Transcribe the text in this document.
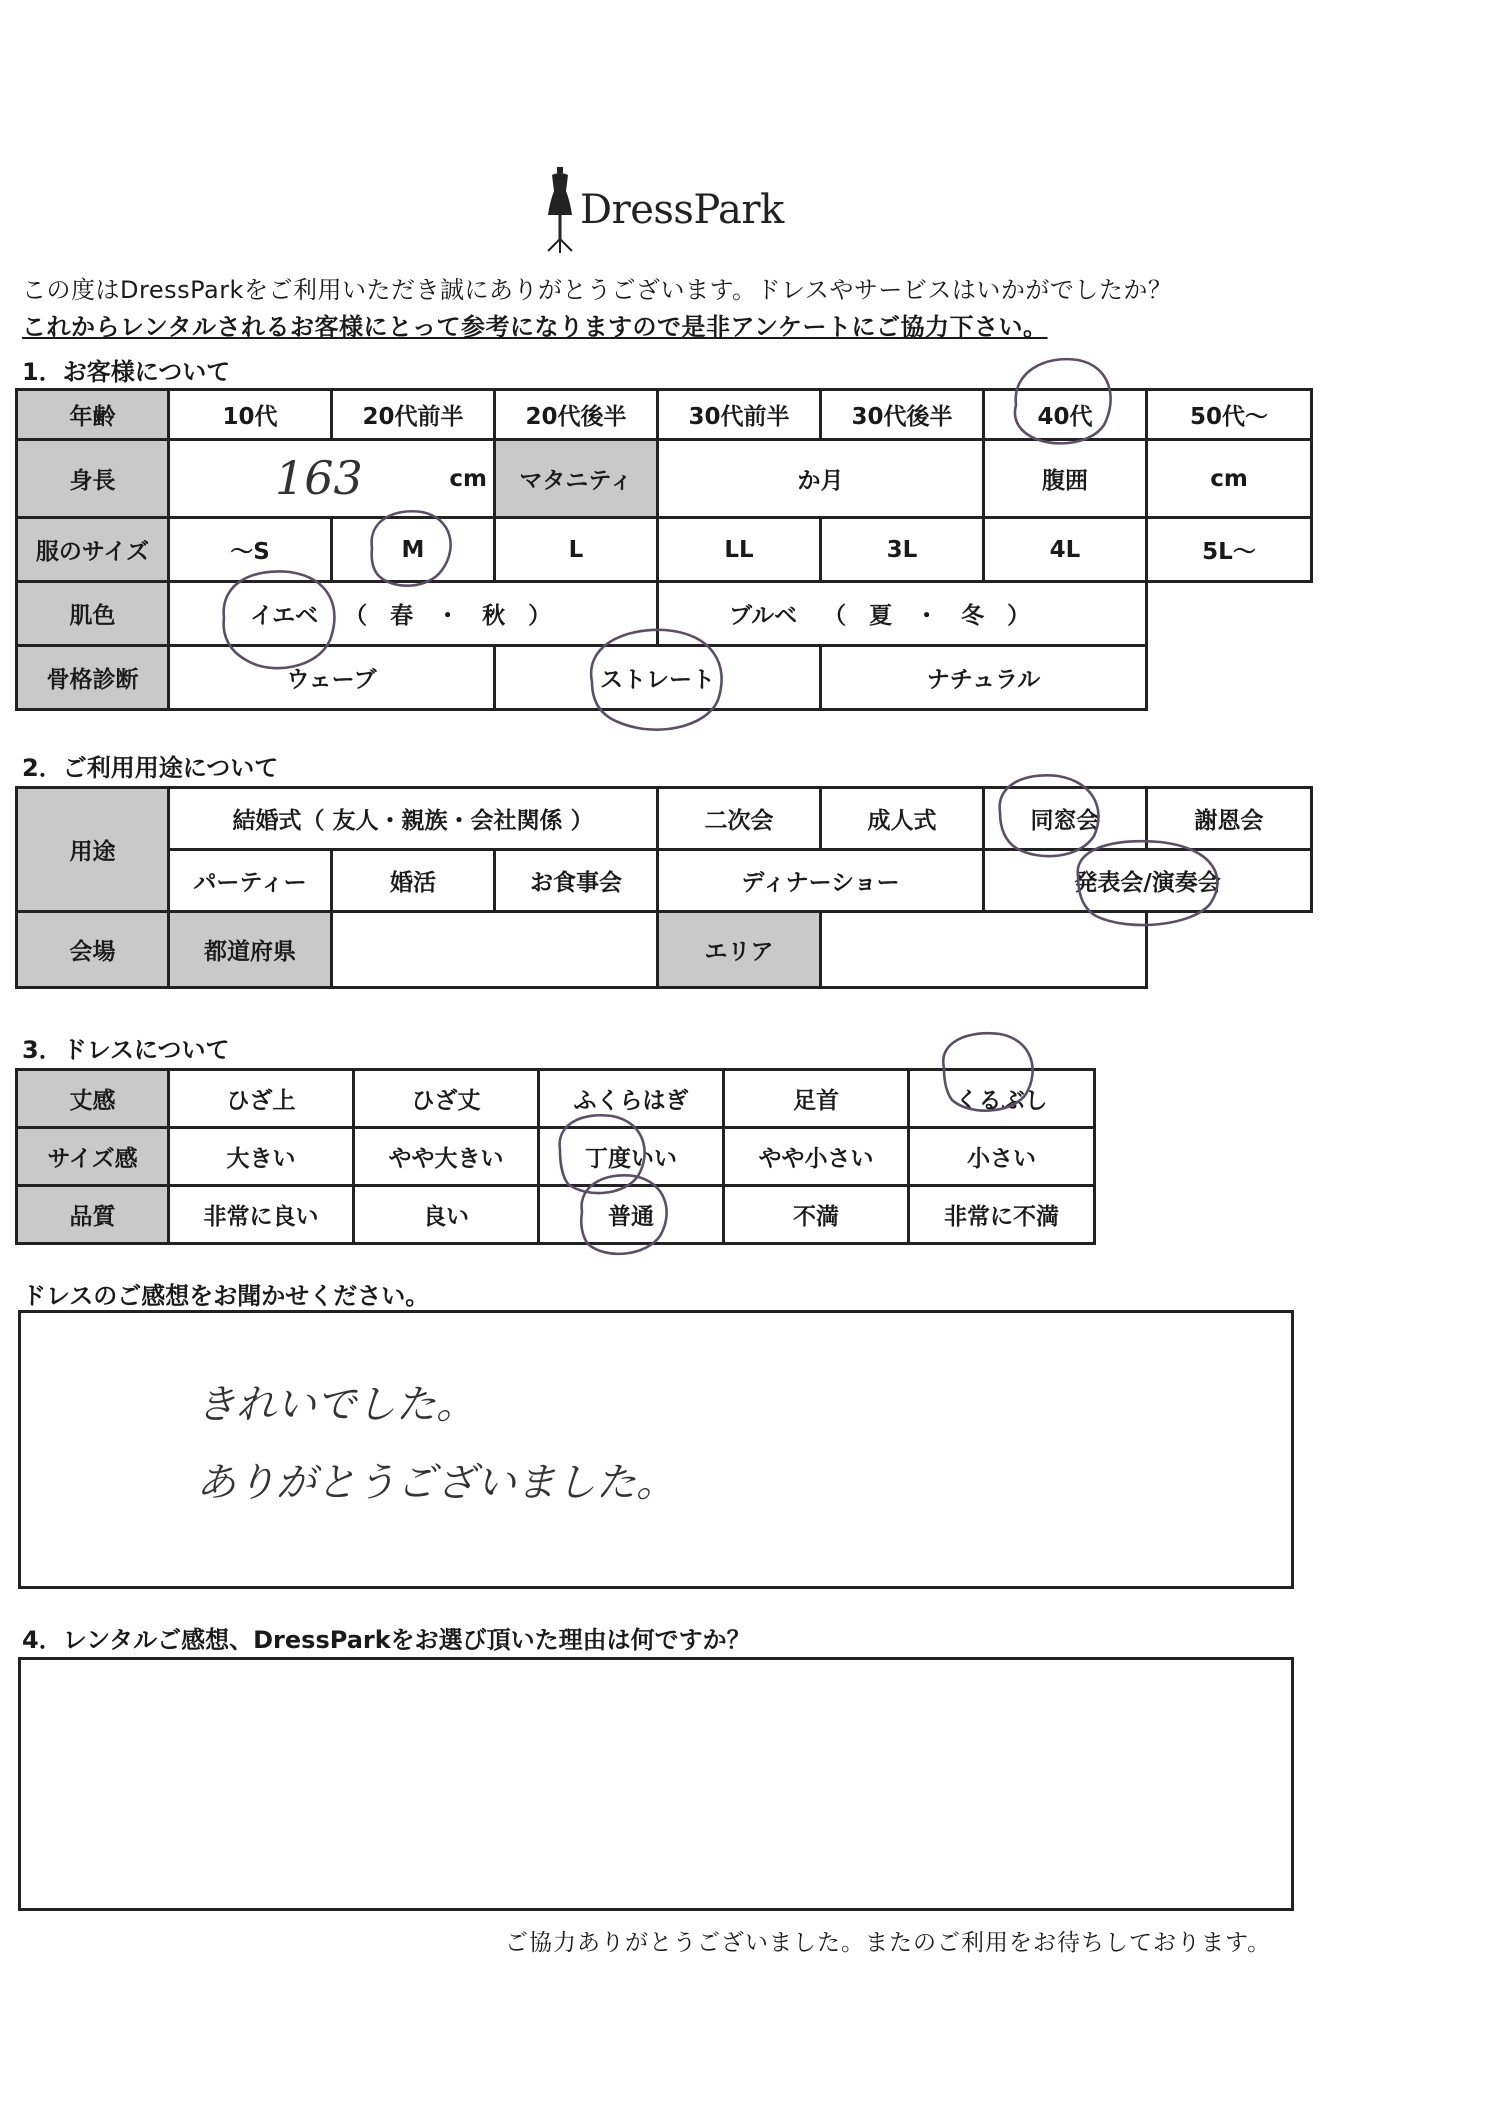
DressPark
この度はDressParkをご利用いただき誠にありがとうございます。ドレスやサービスはいかがでしたか？
これからレンタルされるお客様にとって参考になりますので是非アンケートにご協力下さい。
1．お客様について
年齢	10代	20代前半	20代後半	30代前半	30代後半	40代	50代～
身長	163 cm		マタニティ	か月		腹囲	cm
服のサイズ	～S	M	L	LL	3L	4L	5L～
肌色	イエベ （　春　・　秋　）			ブルベ （　夏　・　冬　）			
骨格診断	ウェーブ		ストレート		ナチュラル		
2．ご利用用途について
用途	結婚式（ 友人・親族・会社関係 ）			二次会	成人式	同窓会	謝恩会
	パーティー	婚活	お食事会	ディナーショー		発表会/演奏会	
会場	都道府県			エリア			
3．ドレスについて
丈感	ひざ上	ひざ丈	ふくらはぎ	足首	くるぶし
サイズ感	大きい	やや大きい	丁度いい	やや小さい	小さい
品質	非常に良い	良い	普通	不満	非常に不満
ドレスのご感想をお聞かせください。
きれいでした。
ありがとうございました。
4．レンタルご感想、DressParkをお選び頂いた理由は何ですか？
ご協力ありがとうございました。またのご利用をお待ちしております。
